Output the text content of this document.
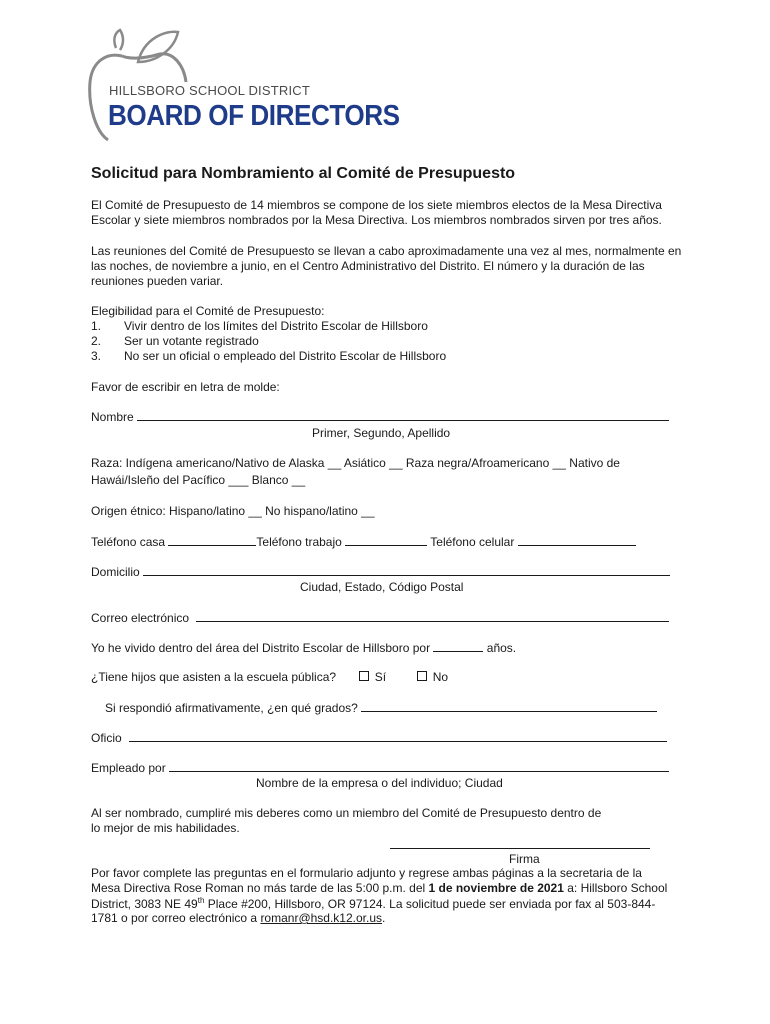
HILLSBORO SCHOOL DISTRICT
BOARD OF DIRECTORS
Solicitud para Nombramiento al Comité de Presupuesto
El Comité de Presupuesto de 14 miembros se compone de los siete miembros electos de la Mesa Directiva Escolar y siete miembros nombrados por la Mesa Directiva. Los miembros nombrados sirven por tres años.
Las reuniones del Comité de Presupuesto se llevan a cabo aproximadamente una vez al mes, normalmente en las noches, de noviembre a junio, en el Centro Administrativo del Distrito. El número y la duración de las reuniones pueden variar.
Elegibilidad para el Comité de Presupuesto:
1. Vivir dentro de los límites del Distrito Escolar de Hillsboro
2. Ser un votante registrado
3. No ser un oficial o empleado del Distrito Escolar de Hillsboro
Favor de escribir en letra de molde:
Nombre
Primer, Segundo, Apellido
Raza: Indígena americano/Nativo de Alaska __ Asiático __ Raza negra/Afroamericano __ Nativo de
Hawái/Isleño del Pacífico ___ Blanco __
Origen étnico: Hispano/latino __ No hispano/latino __
Teléfono casa	Teléfono trabajo	Teléfono celular
Domicilio
Ciudad, Estado, Código Postal
Correo electrónico
Yo he vivido dentro del área del Distrito Escolar de Hillsboro por	años.
¿Tiene hijos que asisten a la escuela pública?	Sí	No
Si respondió afirmativamente, ¿en qué grados?
Oficio
Empleado por
Nombre de la empresa o del individuo; Ciudad
Al ser nombrado, cumpliré mis deberes como un miembro del Comité de Presupuesto dentro de
lo mejor de mis habilidades.
Firma
Por favor complete las preguntas en el formulario adjunto y regrese ambas páginas a la secretaria de la
Mesa Directiva Rose Roman no más tarde de las 5:00 p.m. del 1 de noviembre de 2021 a: Hillsboro School
District, 3083 NE 49th Place #200, Hillsboro, OR 97124. La solicitud puede ser enviada por fax al 503-844-
1781 o por correo electrónico a romanr@hsd.k12.or.us.
